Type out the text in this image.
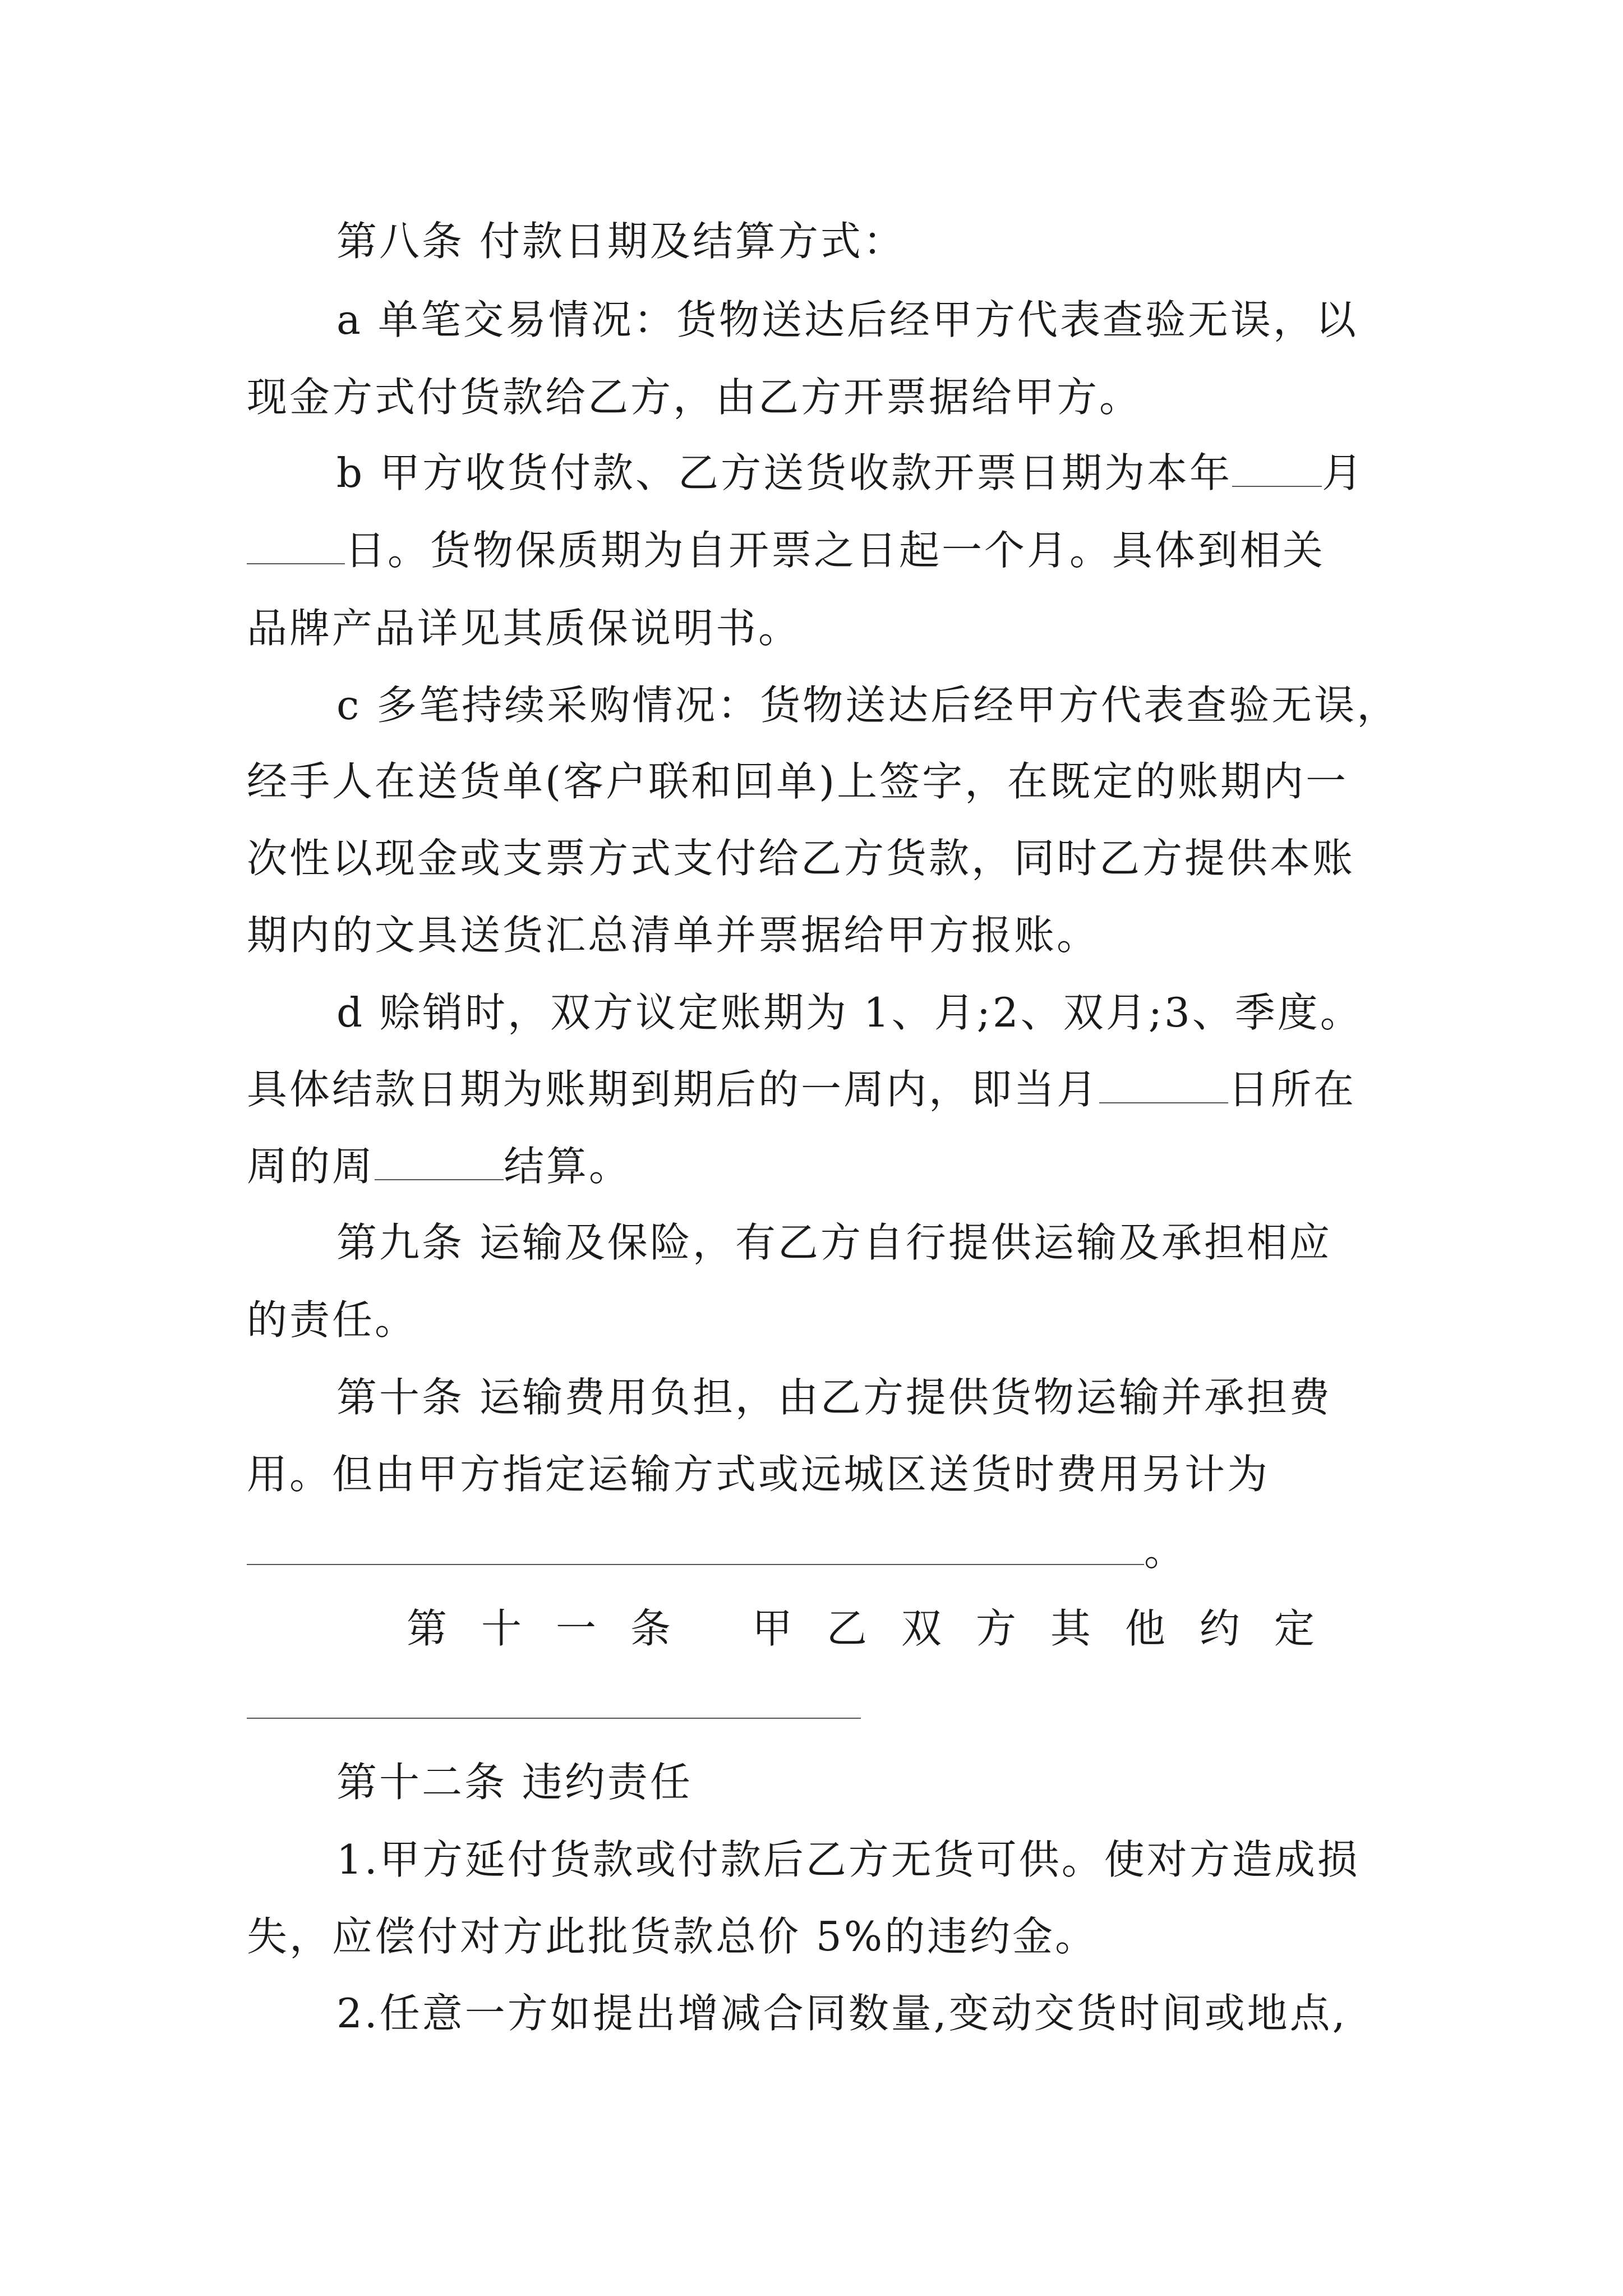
第八条 付款日期及结算方式：
a 单笔交易情况：货物送达后经甲方代表查验无误，以
现金方式付货款给乙方，由乙方开票据给甲方。
b 甲方收货付款、乙方送货收款开票日期为本年 月
日。货物保质期为自开票之日起一个月。具体到相关
品牌产品详见其质保说明书。
c 多笔持续采购情况：货物送达后经甲方代表查验无误，
经手人在送货单(客户联和回单)上签字，在既定的账期内一
次性以现金或支票方式支付给乙方货款，同时乙方提供本账
期内的文具送货汇总清单并票据给甲方报账。
d 赊销时，双方议定账期为 1、月;2、双月;3、季度。
具体结款日期为账期到期后的一周内，即当月	日所在
周的周	结算。
第九条 运输及保险，有乙方自行提供运输及承担相应
的责任。
第十条 运输费用负担，由乙方提供货物运输并承担费
用。但由甲方指定运输方式或远城区送货时费用另计为
。
第十一条 甲乙双方其他约定
第十二条 违约责任
1.甲方延付货款或付款后乙方无货可供。使对方造成损
失，应偿付对方此批货款总价 5%的违约金。
2.任意一方如提出增减合同数量,变动交货时间或地点,
